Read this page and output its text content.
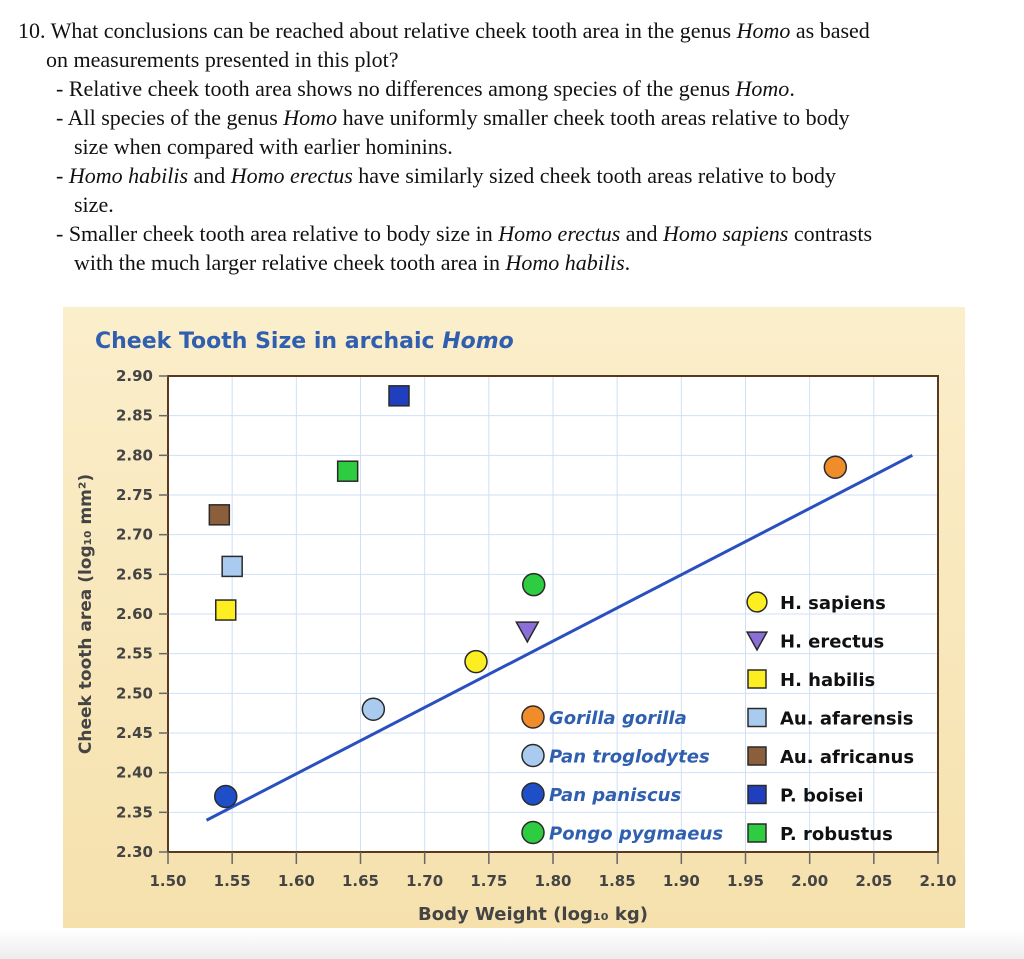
10. What conclusions can be reached about relative cheek tooth area in the genus Homo as based
on measurements presented in this plot?
- Relative cheek tooth area shows no differences among species of the genus Homo.
- All species of the genus Homo have uniformly smaller cheek tooth areas relative to body
size when compared with earlier hominins.
- Homo habilis and Homo erectus have similarly sized cheek tooth areas relative to body
size.
- Smaller cheek tooth area relative to body size in Homo erectus and Homo sapiens contrasts
with the much larger relative cheek tooth area in Homo habilis.
Cheek Tooth Size in archaic Homo
2.90
2.85
2.80
2.75
2.70
2.65
2.60
2.55
2.50
2.45
2.40
2.35
2.30
1.50 1.55 1.60 1.65 1.70 1.75 1.80 1.85 1.90 1.95 2.00 2.05 2.10
Body Weight (log₁₀ kg)
Cheek tooth area (log₁₀ mm²)	Gorilla gorilla
Pan troglodytes
Pan paniscus
Pongo pygmaeus
H. sapiens
H. erectus
H. habilis
Au. afarensis
Au. africanus
P. boisei
P. robustus
